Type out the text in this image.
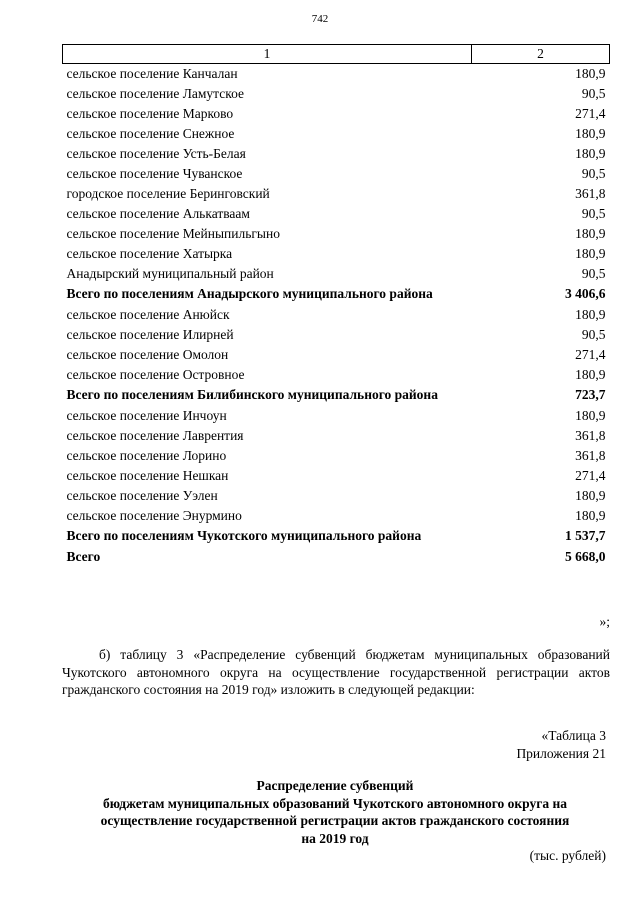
742
1	2
сельское поселение Канчалан	180,9
сельское поселение Ламутское	90,5
сельское поселение Марково	271,4
сельское поселение Снежное	180,9
сельское поселение Усть-Белая	180,9
сельское поселение Чуванское	90,5
городское поселение Беринговский	361,8
сельское поселение Алькатваам	90,5
сельское поселение Мейныпильгыно	180,9
сельское поселение Хатырка	180,9
Анадырский муниципальный район	90,5
Всего по поселениям Анадырского муниципального района	3 406,6
сельское поселение Анюйск	180,9
сельское поселение Илирней	90,5
сельское поселение Омолон	271,4
сельское поселение Островное	180,9
Всего по поселениям Билибинского муниципального района	723,7
сельское поселение Инчоун	180,9
сельское поселение Лаврентия	361,8
сельское поселение Лорино	361,8
сельское поселение Нешкан	271,4
сельское поселение Уэлен	180,9
сельское поселение Энурмино	180,9
Всего по поселениям Чукотского муниципального района	1 537,7
Всего	5 668,0
»;
б) таблицу 3 «Распределение субвенций бюджетам муниципальных образований Чукотского автономного округа на осуществление государственной регистрации актов гражданского состояния на 2019 год» изложить в следующей редакции:
«Таблица 3
Приложения 21
Распределение субвенций
бюджетам муниципальных образований Чукотского автономного округа на
осуществление государственной регистрации актов гражданского состояния
на 2019 год
(тыс. рублей)
